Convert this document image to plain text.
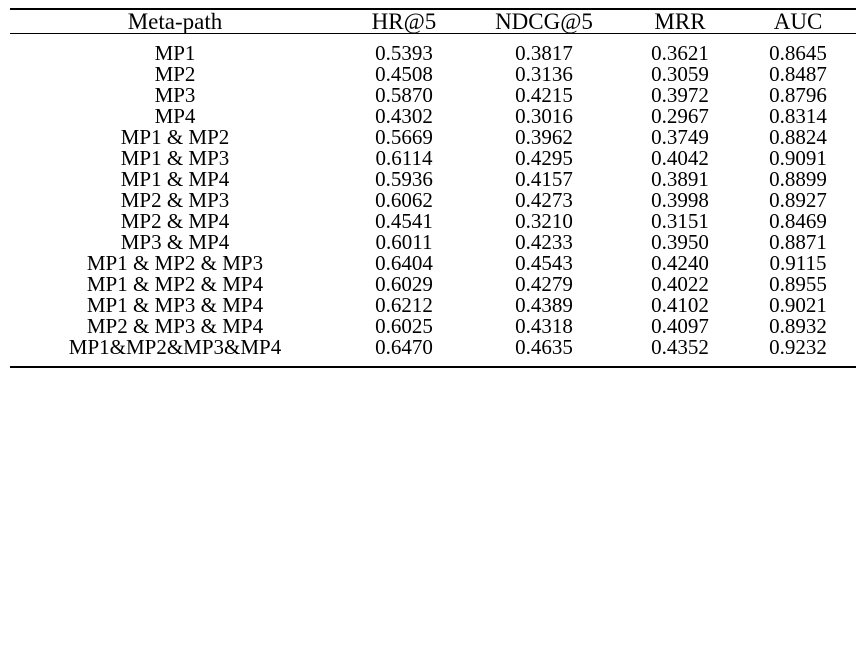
Meta-path	HR@5	NDCG@5	MRR	AUC

MP1	0.5393	0.3817	0.3621	0.8645
MP2	0.4508	0.3136	0.3059	0.8487
MP3	0.5870	0.4215	0.3972	0.8796
MP4	0.4302	0.3016	0.2967	0.8314
MP1 & MP2	0.5669	0.3962	0.3749	0.8824
MP1 & MP3	0.6114	0.4295	0.4042	0.9091
MP1 & MP4	0.5936	0.4157	0.3891	0.8899
MP2 & MP3	0.6062	0.4273	0.3998	0.8927
MP2 & MP4	0.4541	0.3210	0.3151	0.8469
MP3 & MP4	0.6011	0.4233	0.3950	0.8871
MP1 & MP2 & MP3	0.6404	0.4543	0.4240	0.9115
MP1 & MP2 & MP4	0.6029	0.4279	0.4022	0.8955
MP1 & MP3 & MP4	0.6212	0.4389	0.4102	0.9021
MP2 & MP3 & MP4	0.6025	0.4318	0.4097	0.8932
MP1&MP2&MP3&MP4	0.6470	0.4635	0.4352	0.9232
